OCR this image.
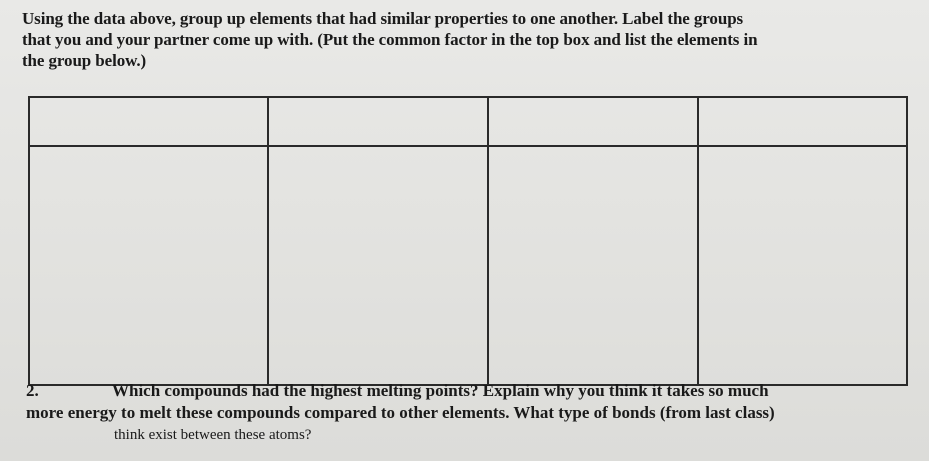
Using the data above, group up elements that had similar properties to one another. Label the groups
that you and your partner come up with. (Put the common factor in the top box and list the elements in
the group below.)
2.	Which compounds had the highest melting points? Explain why you think it takes so much
more energy to melt these compounds compared to other elements. What type of bonds (from last class)
think exist between these atoms?
